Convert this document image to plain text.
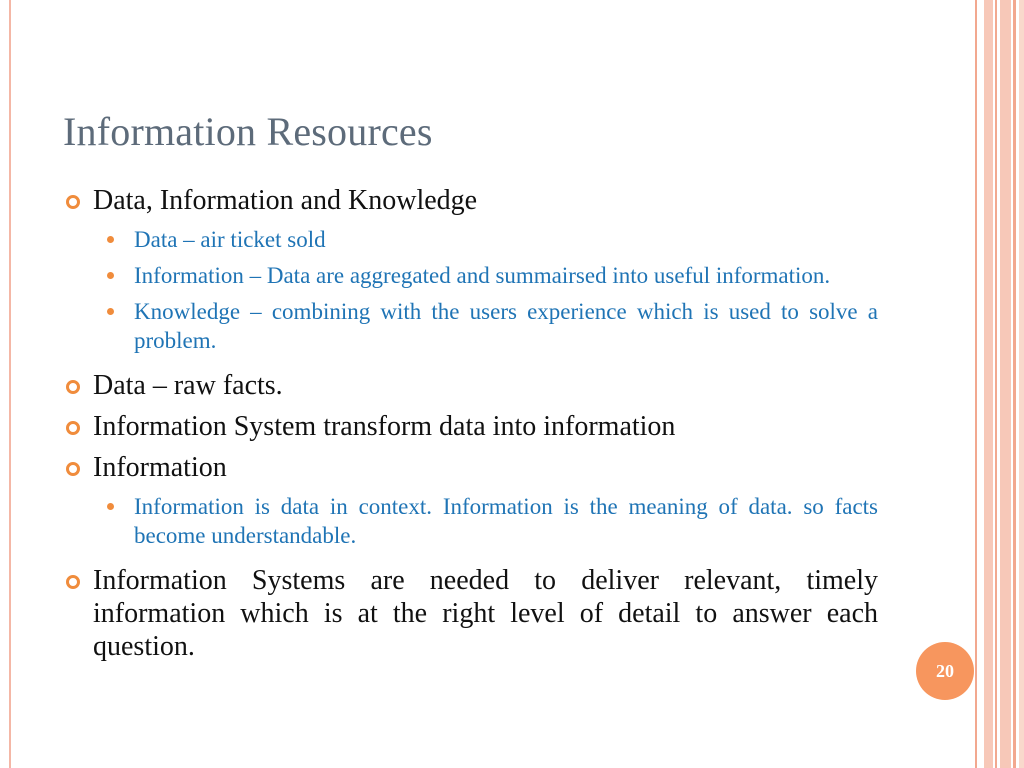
Information Resources
Data, Information and Knowledge
Data – air ticket sold
Information – Data are aggregated and summairsed into useful information.
Knowledge – combining with the users experience which is used to solve a problem.
Data – raw facts.
Information System transform data into information
Information
Information is data in context. Information is the meaning of data. so facts become understandable.
Information Systems are needed to deliver relevant, timely information which is at the right level of detail to answer each question.
20
